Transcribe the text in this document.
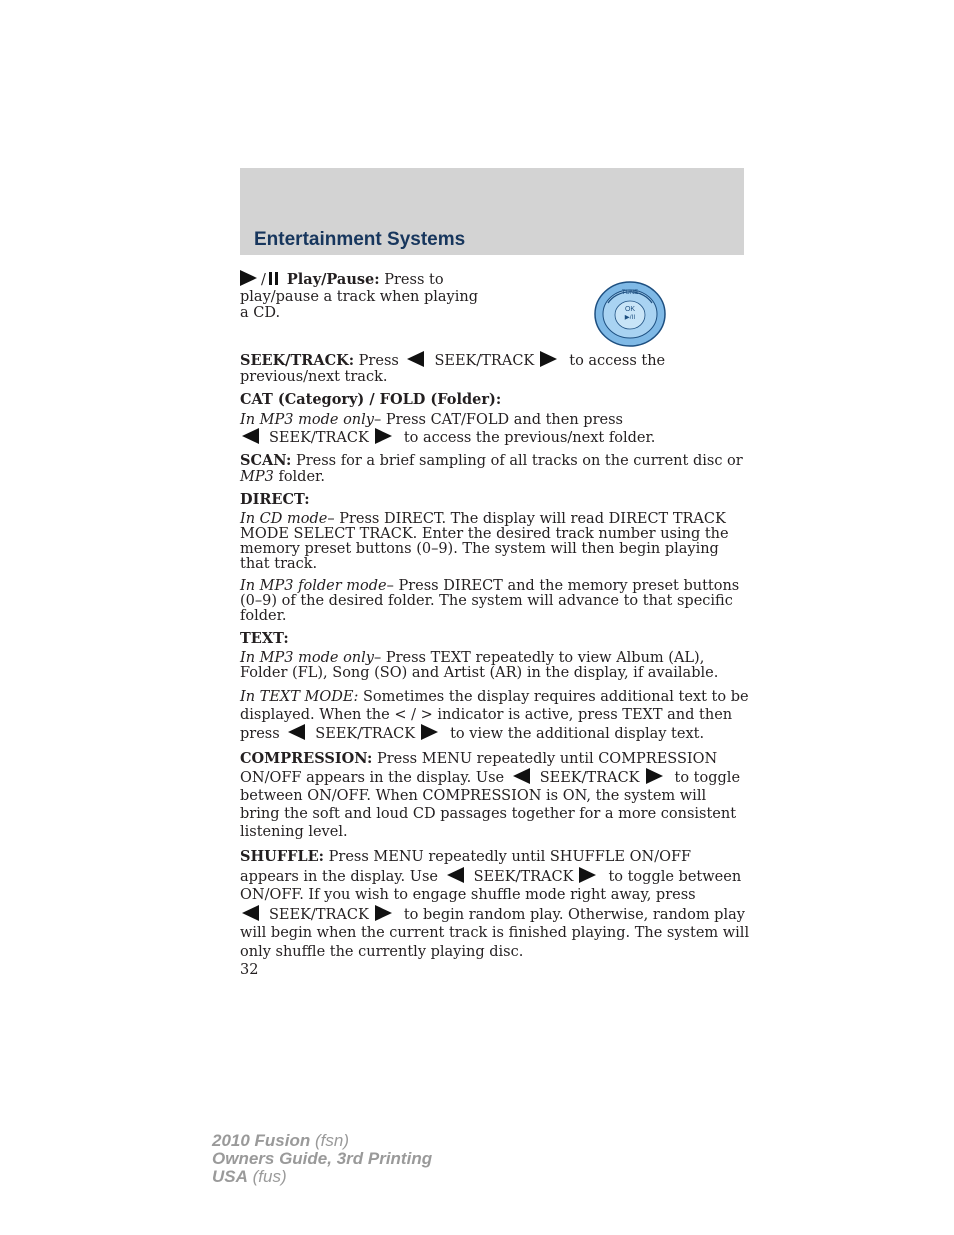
Entertainment Systems
TUNE
OK
▶/II
/ Play/Pause: Press to play/pause a track when playing a CD.
SEEK/TRACK: Press SEEK/TRACK to access the previous/next track.
CAT (Category) / FOLD (Folder):
In MP3 mode only– Press CAT/FOLD and then press
SEEK/TRACK to access the previous/next folder.
SCAN: Press for a brief sampling of all tracks on the current disc or MP3 folder.
DIRECT:
In CD mode– Press DIRECT. The display will read DIRECT TRACK MODE SELECT TRACK. Enter the desired track number using the memory preset buttons (0–9). The system will then begin playing that track.
In MP3 folder mode– Press DIRECT and the memory preset buttons (0–9) of the desired folder. The system will advance to that specific folder.
TEXT:
In MP3 mode only– Press TEXT repeatedly to view Album (AL), Folder (FL), Song (SO) and Artist (AR) in the display, if available.
In TEXT MODE: Sometimes the display requires additional text to be displayed. When the < / > indicator is active, press TEXT and then press SEEK/TRACK to view the additional display text.
COMPRESSION: Press MENU repeatedly until COMPRESSION ON/OFF appears in the display. Use SEEK/TRACK to toggle between ON/OFF. When COMPRESSION is ON, the system will bring the soft and loud CD passages together for a more consistent listening level.
SHUFFLE: Press MENU repeatedly until SHUFFLE ON/OFF appears in the display. Use SEEK/TRACK to toggle between ON/OFF. If you wish to engage shuffle mode right away, press
SEEK/TRACK to begin random play. Otherwise, random play will begin when the current track is finished playing. The system will only shuffle the currently playing disc.
32
2010 Fusion (fsn)
Owners Guide, 3rd Printing
USA (fus)
